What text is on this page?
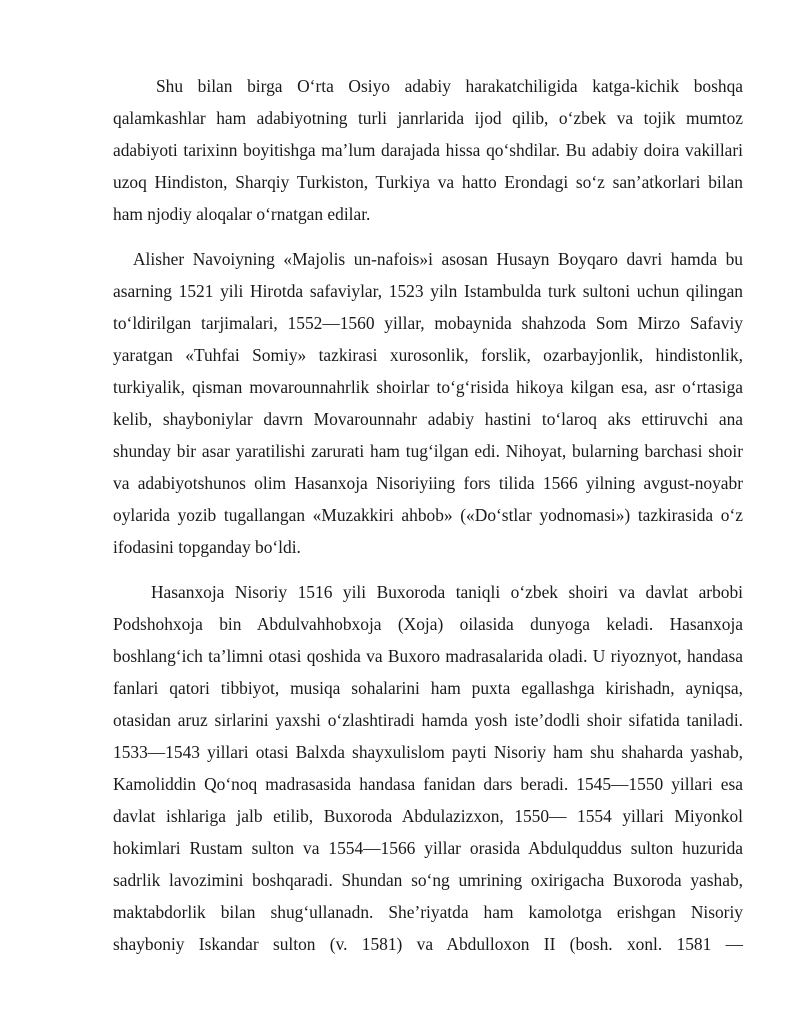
Shu bilan birga O‘rta Osiyo adabiy harakatchiligida katga-kichik boshqa qalamkashlar ham adabiyotning turli janrlarida ijod qilib, o‘zbek va tojik mumtoz adabiyoti tarixinn boyitishga ma’lum darajada hissa qo‘shdilar. Bu adabiy doira vakillari uzoq Hindiston, Sharqiy Turkiston, Turkiya va hatto Erondagi so‘z san’atkorlari bilan ham njodiy aloqalar o‘rnatgan edilar.

Alisher Navoiyning «Majolis un-nafois»i asosan Husayn Boyqaro davri hamda bu asarning 1521 yili Hirotda safaviylar, 1523 yiln Istambulda turk sultoni uchun qilingan to‘ldirilgan tarjimalari, 1552—1560 yillar, mobaynida shahzoda Som Mirzo Safaviy yaratgan «Tuhfai Somiy» tazkirasi xurosonlik, forslik, ozarbayjonlik, hindistonlik, turkiyalik, qisman movarounnahrlik shoirlar to‘g‘risida hikoya kilgan esa, asr o‘rtasiga kelib, shayboniylar davrn Movarounnahr adabiy hastini to‘laroq aks ettiruvchi ana shunday bir asar yaratilishi zarurati ham tug‘ilgan edi. Nihoyat, bularning barchasi shoir va adabiyotshunos olim Hasanxoja Nisoriyiing fors tilida 1566 yilning avgust-noyabr oylarida yozib tugallangan «Muzakkiri ahbob» («Do‘stlar yodnomasi») tazkirasida o‘z ifodasini topganday bo‘ldi.

Hasanxoja Nisoriy 1516 yili Buxoroda taniqli o‘zbek shoiri va davlat arbobi Podshohxoja bin Abdulvahhobxoja (Xoja) oilasida dunyoga keladi. Hasanxoja boshlang‘ich ta’limni otasi qoshida va Buxoro madrasalarida oladi. U riyoznyot, handasa fanlari qatori tibbiyot, musiqa sohalarini ham puxta egallashga kirishadn, ayniqsa, otasidan aruz sirlarini yaxshi o‘zlashtiradi hamda yosh iste’dodli shoir sifatida taniladi. 1533—1543 yillari otasi Balxda shayxulislom payti Nisoriy ham shu shaharda yashab, Kamoliddin Qo‘noq madrasasida handasa fanidan dars beradi. 1545—1550 yillari esa davlat ishlariga jalb etilib, Buxoroda Abdulazizxon, 1550— 1554 yillari Miyonkol hokimlari Rustam sulton va 1554—1566 yillar orasida Abdulquddus sulton huzurida sadrlik lavozimini boshqaradi. Shundan so‘ng umrining oxirigacha Buxoroda yashab, maktabdorlik bilan shug‘ullanadn. She’riyatda ham kamolotga erishgan Nisoriy shayboniy Iskandar sulton (v. 1581) va Abdulloxon II (bosh. xonl. 1581 —
